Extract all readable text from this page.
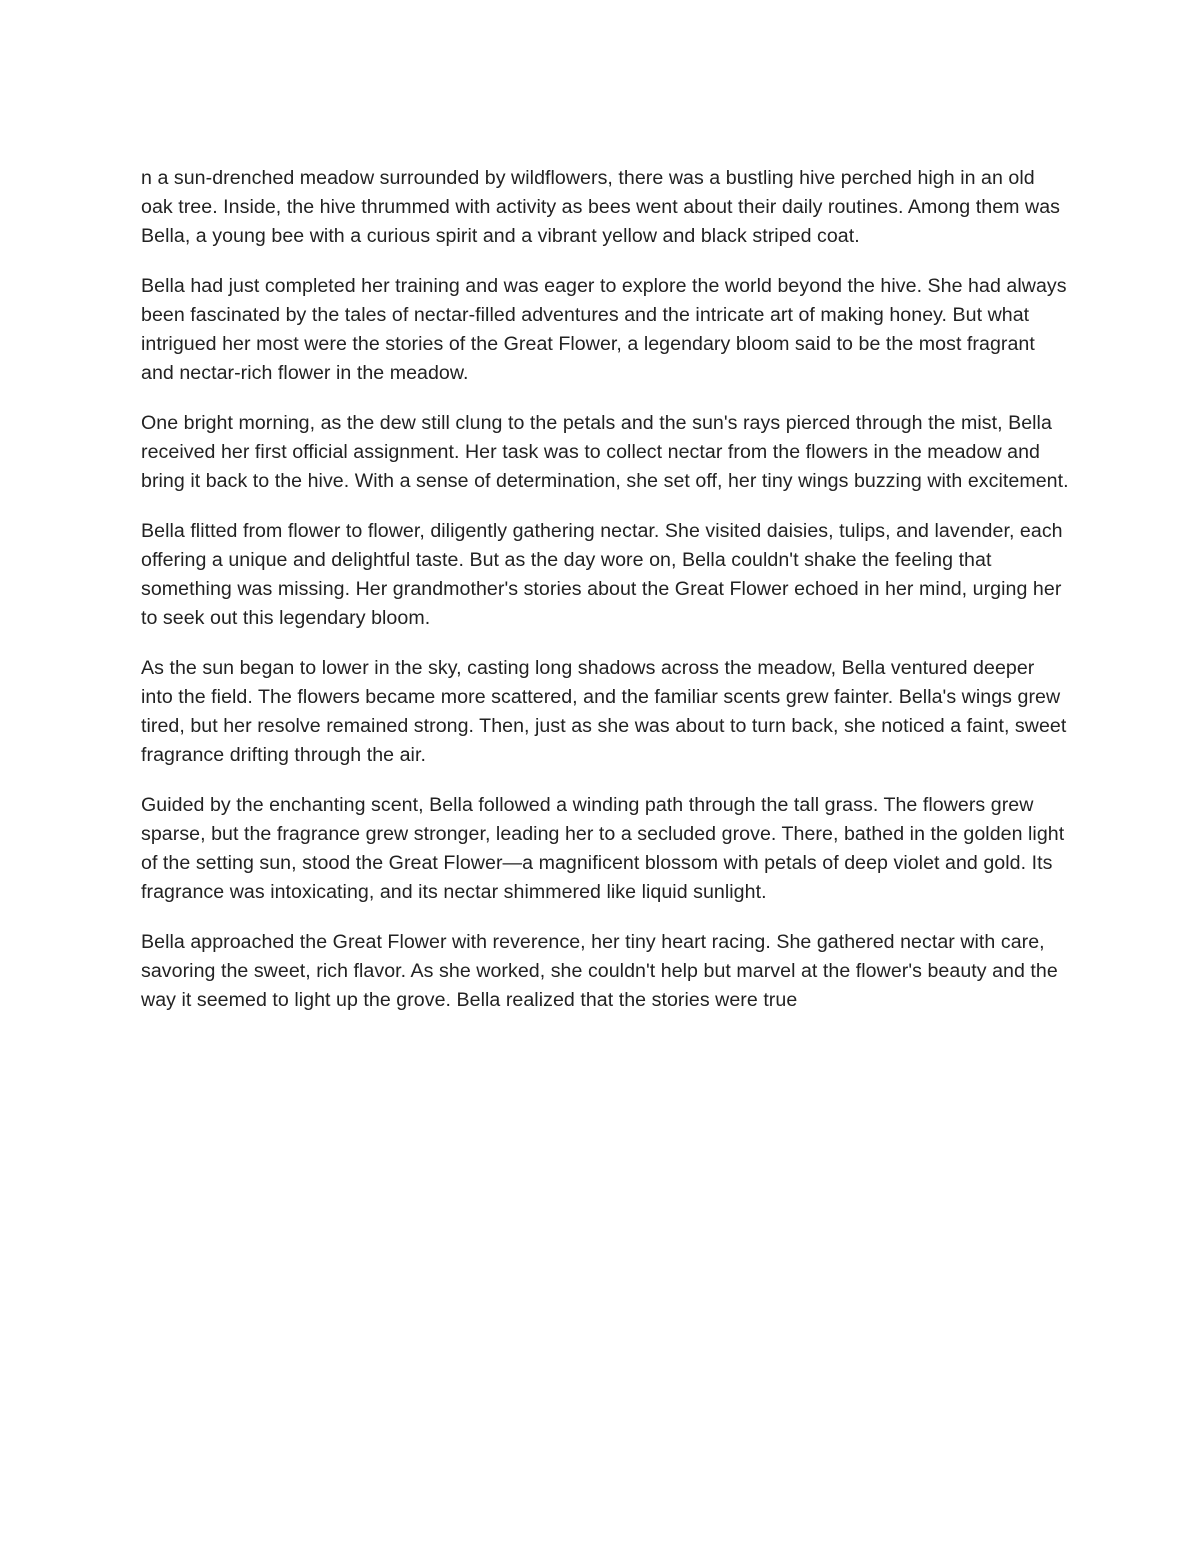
n a sun-drenched meadow surrounded by wildflowers, there was a bustling hive perched high in an old oak tree. Inside, the hive thrummed with activity as bees went about their daily routines. Among them was Bella, a young bee with a curious spirit and a vibrant yellow and black striped coat.

Bella had just completed her training and was eager to explore the world beyond the hive. She had always been fascinated by the tales of nectar-filled adventures and the intricate art of making honey. But what intrigued her most were the stories of the Great Flower, a legendary bloom said to be the most fragrant and nectar-rich flower in the meadow.

One bright morning, as the dew still clung to the petals and the sun's rays pierced through the mist, Bella received her first official assignment. Her task was to collect nectar from the flowers in the meadow and bring it back to the hive. With a sense of determination, she set off, her tiny wings buzzing with excitement.

Bella flitted from flower to flower, diligently gathering nectar. She visited daisies, tulips, and lavender, each offering a unique and delightful taste. But as the day wore on, Bella couldn't shake the feeling that something was missing. Her grandmother's stories about the Great Flower echoed in her mind, urging her to seek out this legendary bloom.

As the sun began to lower in the sky, casting long shadows across the meadow, Bella ventured deeper into the field. The flowers became more scattered, and the familiar scents grew fainter. Bella's wings grew tired, but her resolve remained strong. Then, just as she was about to turn back, she noticed a faint, sweet fragrance drifting through the air.

Guided by the enchanting scent, Bella followed a winding path through the tall grass. The flowers grew sparse, but the fragrance grew stronger, leading her to a secluded grove. There, bathed in the golden light of the setting sun, stood the Great Flower—a magnificent blossom with petals of deep violet and gold. Its fragrance was intoxicating, and its nectar shimmered like liquid sunlight.

Bella approached the Great Flower with reverence, her tiny heart racing. She gathered nectar with care, savoring the sweet, rich flavor. As she worked, she couldn't help but marvel at the flower's beauty and the way it seemed to light up the grove. Bella realized that the stories were true
